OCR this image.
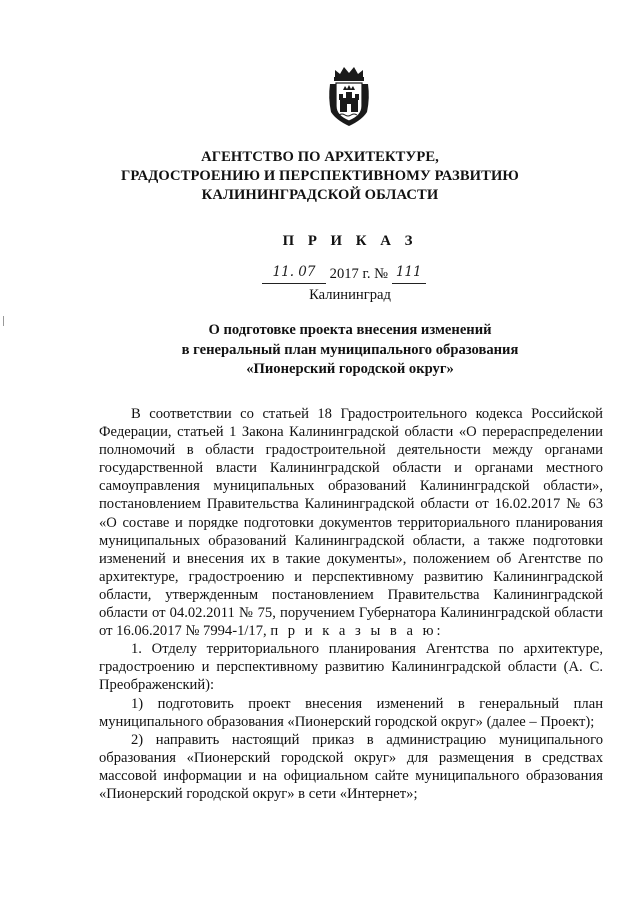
АГЕНТСТВО ПО АРХИТЕКТУРЕ,
ГРАДОСТРОЕНИЮ И ПЕРСПЕКТИВНОМУ РАЗВИТИЮ
КАЛИНИНГРАДСКОЙ ОБЛАСТИ
П Р И К А З
11. 07 2017 г. № 111
Калининград
О подготовке проекта внесения изменений
в генеральный план муниципального образования
«Пионерский городской округ»

В соответствии со статьей 18 Градостроительного кодекса Российской Федерации, статьей 1 Закона Калининградской области «О перераспределении полномочий в области градостроительной деятельности между органами государственной власти Калининградской области и органами местного самоуправления муниципальных образований Калининградской области», постановлением Правительства Калининградской области от 16.02.2017 № 63 «О составе и порядке подготовки документов территориального планирования муниципальных образований Калининградской области, а также подготовки изменений и внесения их в такие документы», положением об Агентстве по архитектуре, градостроению и перспективному развитию Калининградской области, утвержденным постановлением Правительства Калининградской области от 04.02.2011 № 75, поручением Губернатора Калининградской области от 16.06.2017 № 7994-1/17, п р и к а з ы в а ю:

1. Отделу территориального планирования Агентства по архитектуре, градостроению и перспективному развитию Калининградской области (А. С. Преображенский):

1) подготовить проект внесения изменений в генеральный план муниципального образования «Пионерский городской округ» (далее – Проект);

2) направить настоящий приказ в администрацию муниципального образования «Пионерский городской округ» для размещения в средствах массовой информации и на официальном сайте муниципального образования «Пионерский городской округ» в сети «Интернет»;
